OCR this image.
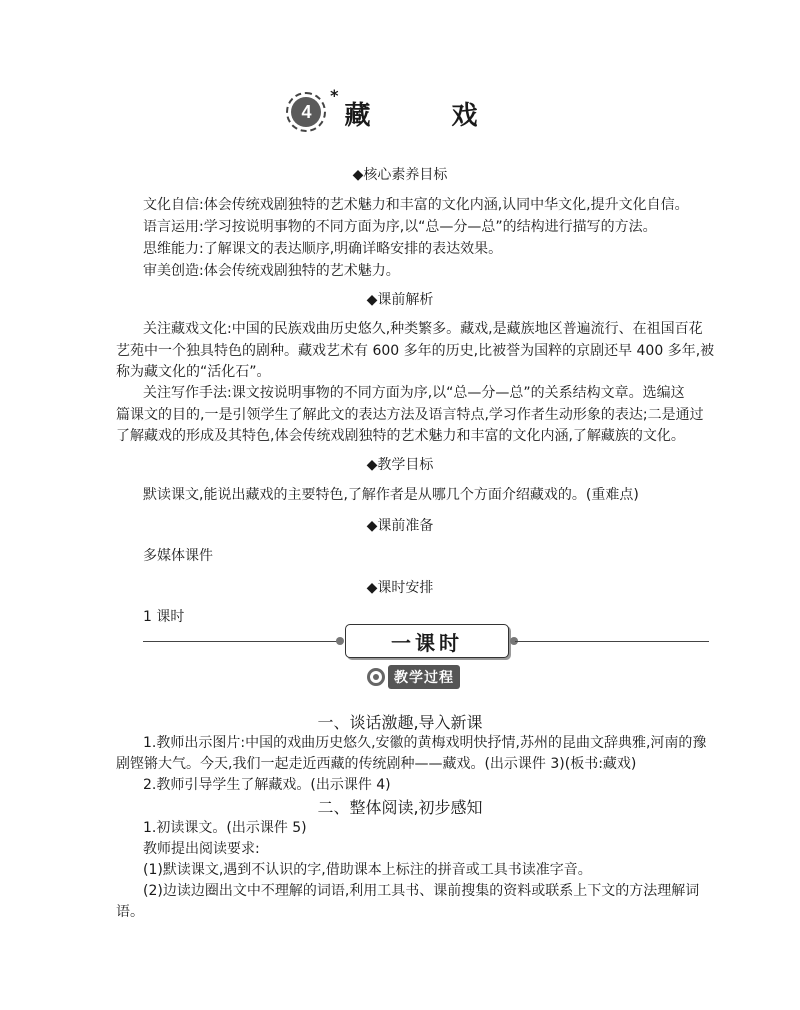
4
*
藏 戏
◆核心素养目标
文化自信:体会传统戏剧独特的艺术魅力和丰富的文化内涵,认同中华文化,提升文化自信。
语言运用:学习按说明事物的不同方面为序,以“总—分—总”的结构进行描写的方法。
思维能力:了解课文的表达顺序,明确详略安排的表达效果。
审美创造:体会传统戏剧独特的艺术魅力。
◆课前解析
关注藏戏文化:中国的民族戏曲历史悠久,种类繁多。藏戏,是藏族地区普遍流行、在祖国百花
艺苑中一个独具特色的剧种。藏戏艺术有 600 多年的历史,比被誉为国粹的京剧还早 400 多年,被
称为藏文化的“活化石”。
关注写作手法:课文按说明事物的不同方面为序,以“总—分—总”的关系结构文章。选编这
篇课文的目的,一是引领学生了解此文的表达方法及语言特点,学习作者生动形象的表达;二是通过
了解藏戏的形成及其特色,体会传统戏剧独特的艺术魅力和丰富的文化内涵,了解藏族的文化。
◆教学目标
默读课文,能说出藏戏的主要特色,了解作者是从哪几个方面介绍藏戏的。(重难点)
◆课前准备
多媒体课件
◆课时安排
1 课时
一课时
教学过程
一、谈话激趣,导入新课
1.教师出示图片:中国的戏曲历史悠久,安徽的黄梅戏明快抒情,苏州的昆曲文辞典雅,河南的豫
剧铿锵大气。今天,我们一起走近西藏的传统剧种——藏戏。(出示课件 3)(板书:藏戏)
2.教师引导学生了解藏戏。(出示课件 4)
二、整体阅读,初步感知
1.初读课文。(出示课件 5)
教师提出阅读要求:
(1)默读课文,遇到不认识的字,借助课本上标注的拼音或工具书读准字音。
(2)边读边圈出文中不理解的词语,利用工具书、课前搜集的资料或联系上下文的方法理解词
语。
